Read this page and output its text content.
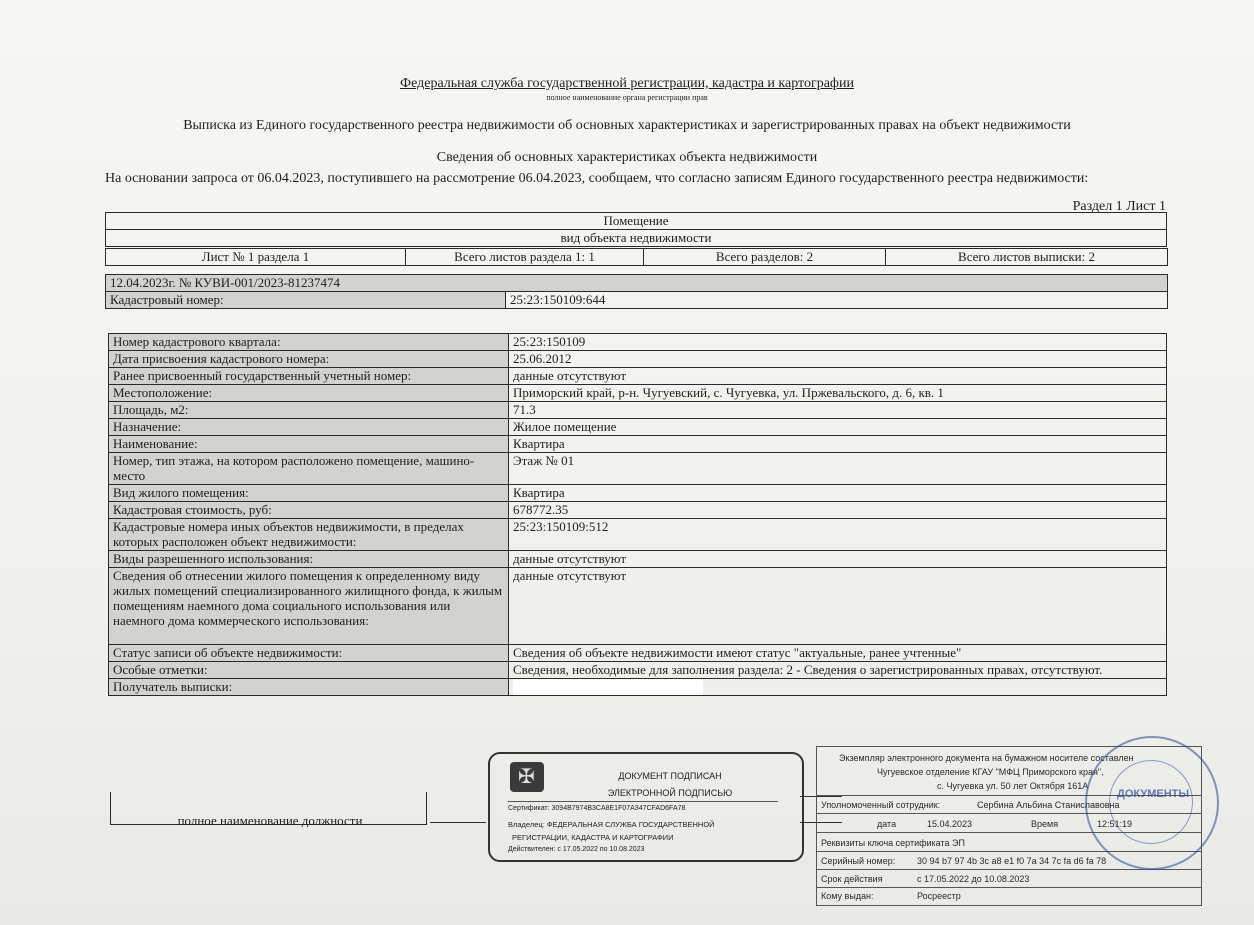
Федеральная служба государственной регистрации, кадастра и картографии
полное наименование органа регистрации прав
Выписка из Единого государственного реестра недвижимости об основных характеристиках и зарегистрированных правах на объект недвижимости
Сведения об основных характеристиках объекта недвижимости
На основании запроса от 06.04.2023, поступившего на рассмотрение 06.04.2023, сообщаем, что согласно записям Единого государственного реестра недвижимости:
Раздел 1 Лист 1
Помещение
вид объекта недвижимости
Лист № 1 раздела 1	Всего листов раздела 1: 1	Всего разделов: 2	Всего листов выписки: 2
12.04.2023г. № КУВИ-001/2023-81237474
Кадастровый номер:	25:23:150109:644
Номер кадастрового квартала:	25:23:150109
Дата присвоения кадастрового номера:	25.06.2012
Ранее присвоенный государственный учетный номер:	данные отсутствуют
Местоположение:	Приморский край, р-н. Чугуевский, с. Чугуевка, ул. Пржевальского, д. 6, кв. 1
Площадь, м2:	71.3
Назначение:	Жилое помещение
Наименование:	Квартира
Номер, тип этажа, на котором расположено помещение, машино-место	Этаж № 01
Вид жилого помещения:	Квартира
Кадастровая стоимость, руб:	678772.35
Кадастровые номера иных объектов недвижимости, в пределах которых расположен объект недвижимости:	25:23:150109:512
Виды разрешенного использования:	данные отсутствуют
Сведения об отнесении жилого помещения к определенному виду жилых помещений специализированного жилищного фонда, к жилым помещениям наемного дома социального использования или наемного дома коммерческого использования:	данные отсутствуют
Статус записи об объекте недвижимости:	Сведения об объекте недвижимости имеют статус "актуальные, ранее учтенные"
Особые отметки:	Сведения, необходимые для заполнения раздела: 2 - Сведения о зарегистрированных правах, отсутствуют.
Получатель выписки:	
полное наименование должности
✠
ДОКУМЕНТ ПОДПИСАН
ЭЛЕКТРОННОЙ ПОДПИСЬЮ
Сертификат: 3094B7974B3CA8E1F07A347CFAD6FA78
Владелец: ФЕДЕРАЛЬНАЯ СЛУЖБА ГОСУДАРСТВЕННОЙ
РЕГИСТРАЦИИ, КАДАСТРА И КАРТОГРАФИИ
Действителен: с 17.05.2022 по 10.08.2023
Экземпляр электронного документа на бумажном носителе составлен
Чугуевское отделение КГАУ "МФЦ Приморского края",
с. Чугуевка ул. 50 лет Октября 161А
Уполномоченный сотрудник:	Сербина Альбина Станиславовна
дата	15.04.2023	Время	12:51:19
Реквизиты ключа сертификата ЭП
Серийный номер: 30 94 b7 97 4b 3c a8 e1 f0 7a 34 7c fa d6 fa 78
Срок действия	с 17.05.2022 до 10.08.2023
Кому выдан:	Росреестр
ДОКУМЕНТЫ
